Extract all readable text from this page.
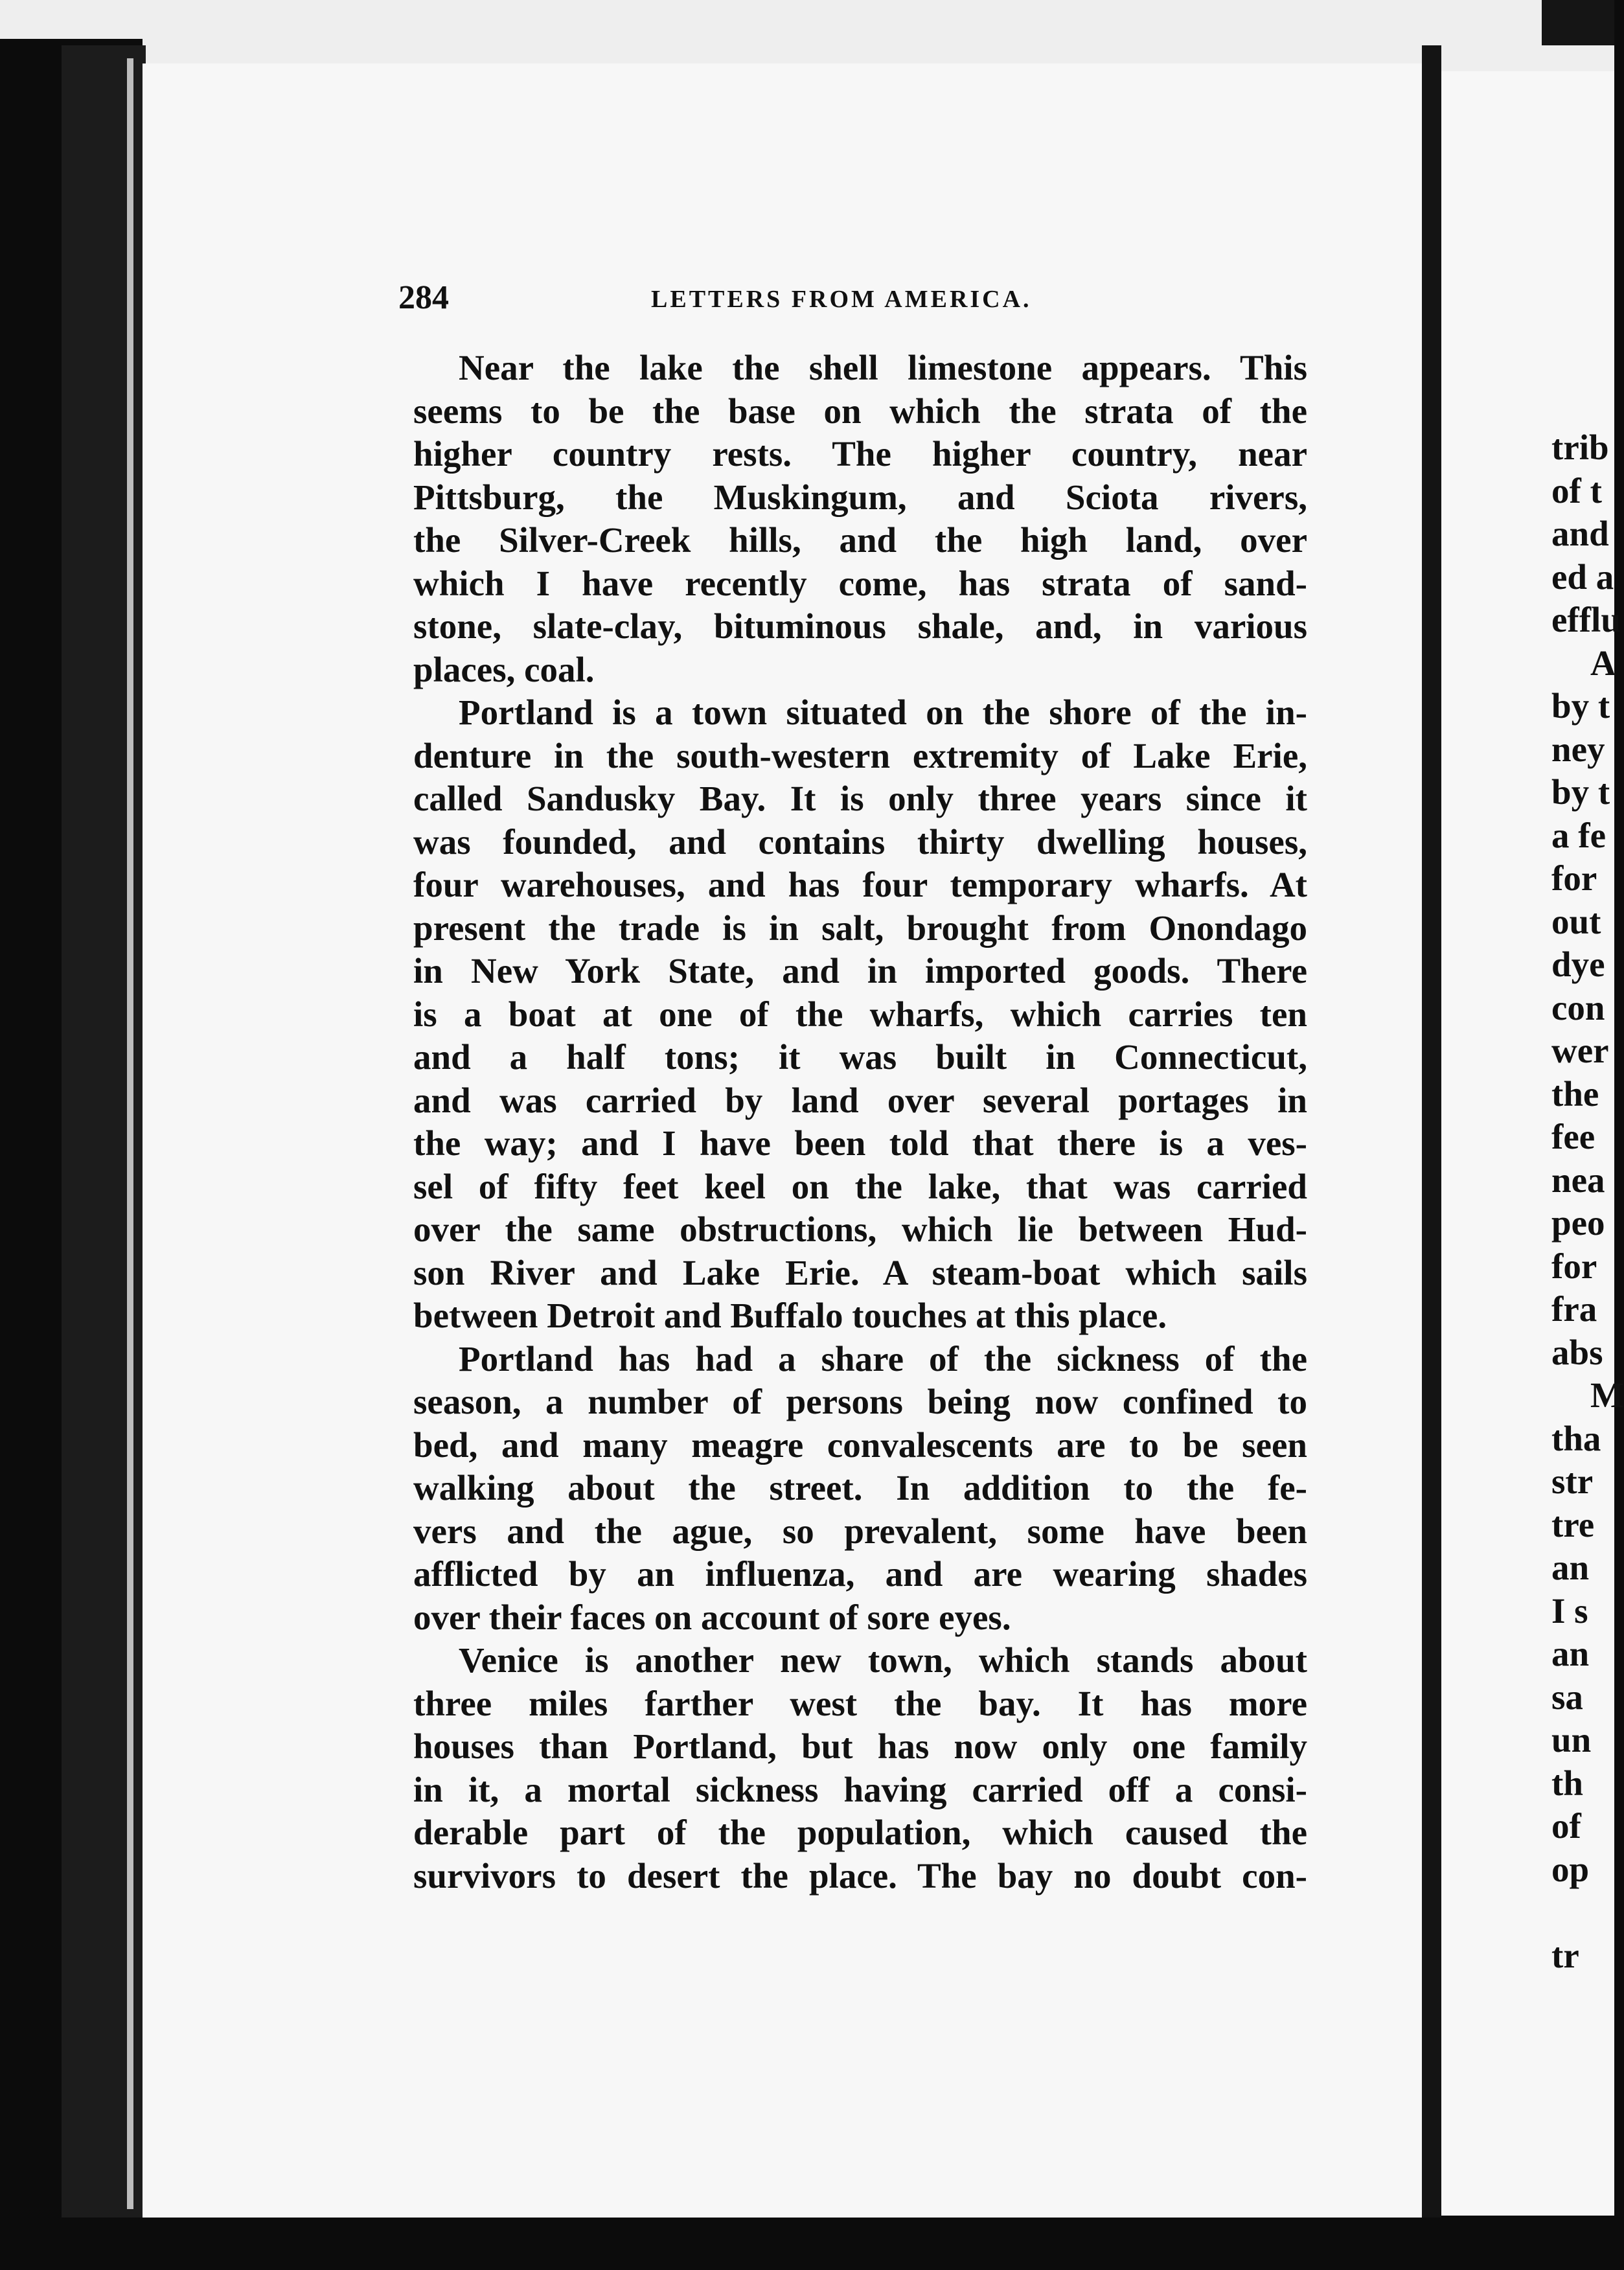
trib
of t
and
ed a
efflu
A
by t
ney
by t
a fe
for
out
dye
con
wer
the
fee
nea
peo
for
fra
abs
M
tha
str
tre
an
I s
an
sa
un
th
of
op
tr
284	LETTERS FROM AMERICA.
Near the lake the shell limestone appears. This
seems to be the base on which the strata of the
higher country rests. The higher country, near
Pittsburg, the Muskingum, and Sciota rivers,
the Silver-Creek hills, and the high land, over
which I have recently come, has strata of sand-
stone, slate-clay, bituminous shale, and, in various
places, coal.
Portland is a town situated on the shore of the in-
denture in the south-western extremity of Lake Erie,
called Sandusky Bay. It is only three years since it
was founded, and contains thirty dwelling houses,
four warehouses, and has four temporary wharfs. At
present the trade is in salt, brought from Onondago
in New York State, and in imported goods. There
is a boat at one of the wharfs, which carries ten
and a half tons; it was built in Connecticut,
and was carried by land over several portages in
the way; and I have been told that there is a ves-
sel of fifty feet keel on the lake, that was carried
over the same obstructions, which lie between Hud-
son River and Lake Erie. A steam-boat which sails
between Detroit and Buffalo touches at this place.
Portland has had a share of the sickness of the
season, a number of persons being now confined to
bed, and many meagre convalescents are to be seen
walking about the street. In addition to the fe-
vers and the ague, so prevalent, some have been
afflicted by an influenza, and are wearing shades
over their faces on account of sore eyes.
Venice is another new town, which stands about
three miles farther west the bay. It has more
houses than Portland, but has now only one family
in it, a mortal sickness having carried off a consi-
derable part of the population, which caused the
survivors to desert the place. The bay no doubt con-
